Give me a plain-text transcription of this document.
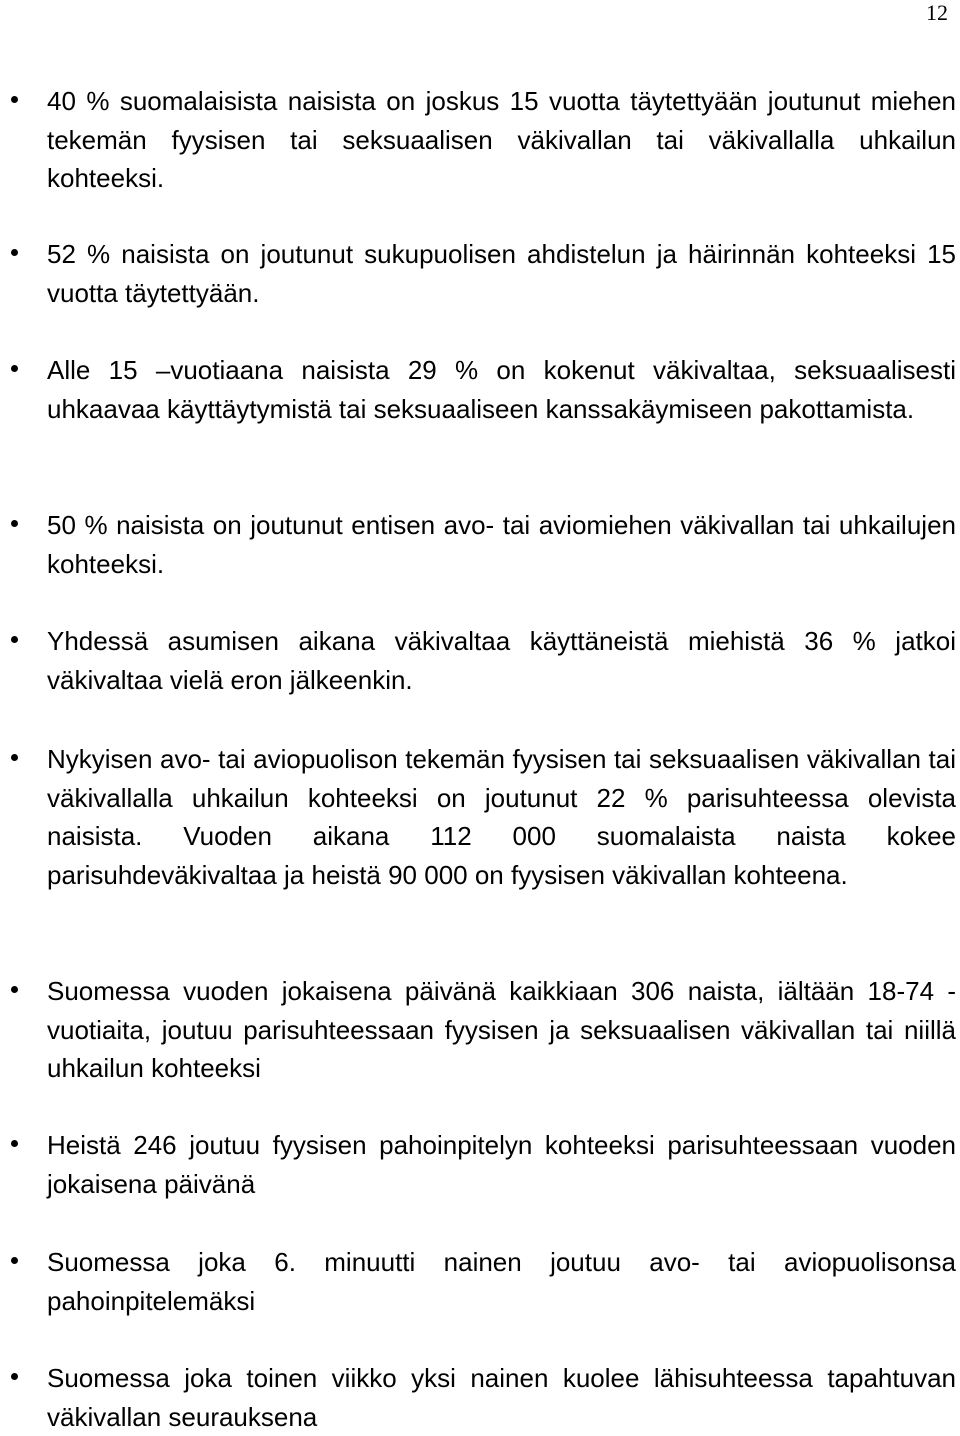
12
40 % suomalaisista naisista on joskus 15 vuotta täytettyään joutunut miehen tekemän fyysisen tai seksuaalisen väkivallan tai väkivallalla uhkailun kohteeksi.
52 % naisista on joutunut sukupuolisen ahdistelun ja häirinnän kohteeksi 15 vuotta täytettyään.
Alle 15 –vuotiaana naisista 29 % on kokenut väkivaltaa, seksuaalisesti uhkaavaa käyttäytymistä tai seksuaaliseen kanssakäymiseen pakottamista.
50 % naisista on joutunut entisen avo- tai aviomiehen väkivallan tai uhkailujen kohteeksi.
Yhdessä asumisen aikana väkivaltaa käyttäneistä miehistä 36 % jatkoi väkivaltaa vielä eron jälkeenkin.
Nykyisen avo- tai aviopuolison tekemän fyysisen tai seksuaalisen väkivallan tai väkivallalla uhkailun kohteeksi on joutunut 22 % parisuhteessa olevista naisista. Vuoden aikana 112 000 suomalaista naista kokee parisuhdeväkivaltaa ja heistä 90 000 on fyysisen väkivallan kohteena.
Suomessa vuoden jokaisena päivänä kaikkiaan 306 naista, iältään 18-74 -vuotiaita, joutuu parisuhteessaan fyysisen ja seksuaalisen väkivallan tai niillä uhkailun kohteeksi
Heistä 246 joutuu fyysisen pahoinpitelyn kohteeksi parisuhteessaan vuoden jokaisena päivänä
Suomessa joka 6. minuutti nainen joutuu avo- tai aviopuolisonsa pahoinpitelemäksi
Suomessa joka toinen viikko yksi nainen kuolee lähisuhteessa tapahtuvan väkivallan seurauksena
